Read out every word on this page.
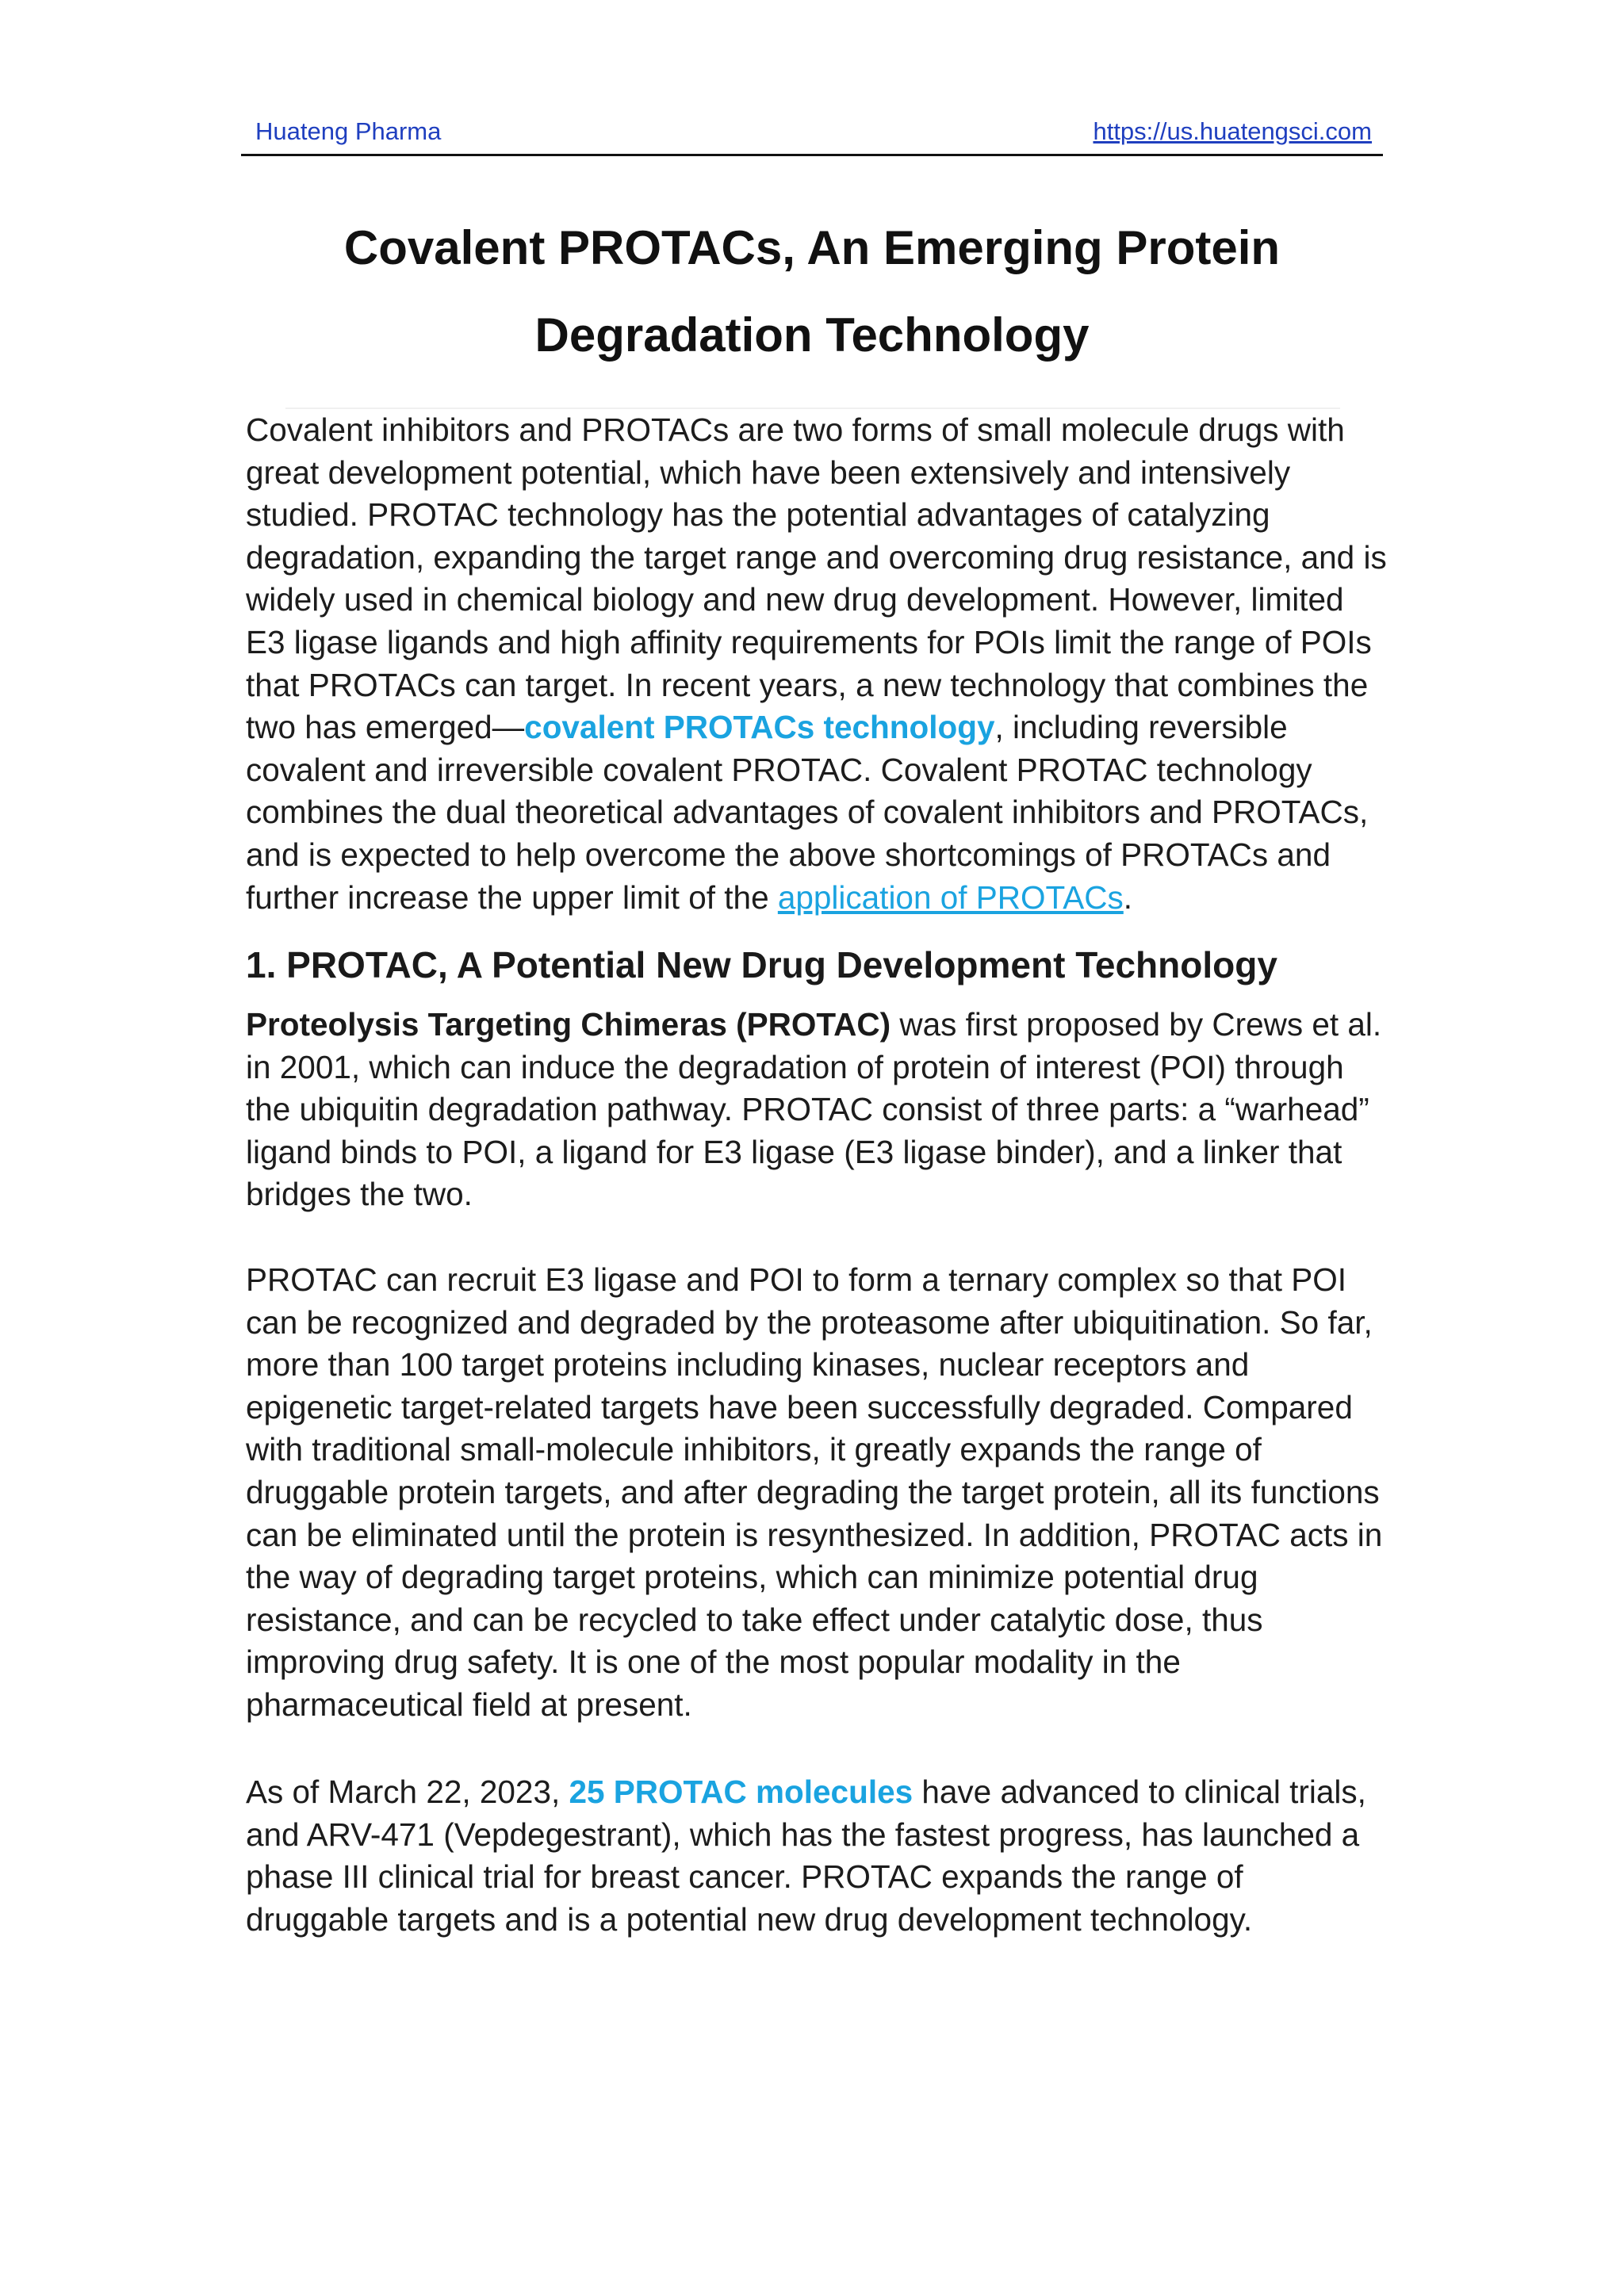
Huateng Pharma	https://us.huatengsci.com
Covalent PROTACs, An Emerging Protein
Degradation Technology
Covalent inhibitors and PROTACs are two forms of small molecule drugs with great development potential, which have been extensively and intensively studied. PROTAC technology has the potential advantages of catalyzing degradation, expanding the target range and overcoming drug resistance, and is widely used in chemical biology and new drug development. However, limited E3 ligase ligands and high affinity requirements for POIs limit the range of POIs that PROTACs can target. In recent years, a new technology that combines the two has emerged—covalent PROTACs technology, including reversible covalent and irreversible covalent PROTAC. Covalent PROTAC technology combines the dual theoretical advantages of covalent inhibitors and PROTACs, and is expected to help overcome the above shortcomings of PROTACs and further increase the upper limit of the application of PROTACs.
1. PROTAC, A Potential New Drug Development Technology
Proteolysis Targeting Chimeras (PROTAC) was first proposed by Crews et al. in 2001, which can induce the degradation of protein of interest (POI) through the ubiquitin degradation pathway. PROTAC consist of three parts: a “warhead” ligand binds to POI, a ligand for E3 ligase (E3 ligase binder), and a linker that bridges the two.
PROTAC can recruit E3 ligase and POI to form a ternary complex so that POI can be recognized and degraded by the proteasome after ubiquitination. So far, more than 100 target proteins including kinases, nuclear receptors and epigenetic target-related targets have been successfully degraded. Compared with traditional small-molecule inhibitors, it greatly expands the range of druggable protein targets, and after degrading the target protein, all its functions can be eliminated until the protein is resynthesized. In addition, PROTAC acts in the way of degrading target proteins, which can minimize potential drug resistance, and can be recycled to take effect under catalytic dose, thus improving drug safety. It is one of the most popular modality in the pharmaceutical field at present.
As of March 22, 2023, 25 PROTAC molecules have advanced to clinical trials, and ARV-471 (Vepdegestrant), which has the fastest progress, has launched a phase III clinical trial for breast cancer. PROTAC expands the range of druggable targets and is a potential new drug development technology.
